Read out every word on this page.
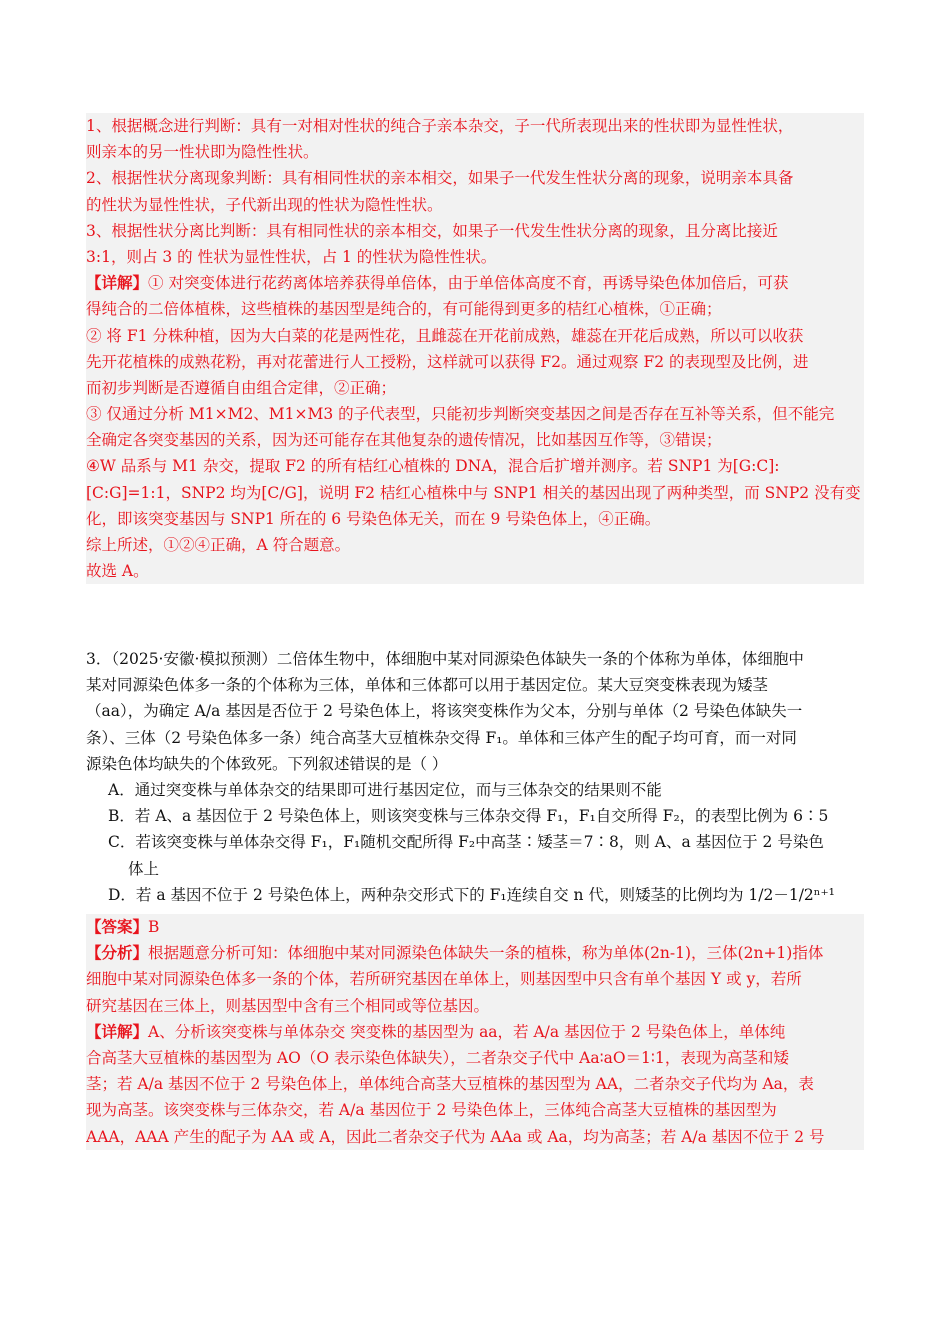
1、根据概念进行判断：具有一对相对性状的纯合子亲本杂交，子一代所表现出来的性状即为显性性状，
则亲本的另一性状即为隐性性状。
2、根据性状分离现象判断：具有相同性状的亲本相交，如果子一代发生性状分离的现象，说明亲本具备
的性状为显性性状，子代新出现的性状为隐性性状。
3、根据性状分离比判断：具有相同性状的亲本相交，如果子一代发生性状分离的现象，且分离比接近
3:1，则占 3 的 性状为显性性状，占 1 的性状为隐性性状。
【详解】① 对突变体进行花药离体培养获得单倍体，由于单倍体高度不育，再诱导染色体加倍后，可获
得纯合的二倍体植株，这些植株的基因型是纯合的，有可能得到更多的桔红心植株，①正确；
② 将 F1 分株种植，因为大白菜的花是两性花，且雌蕊在开花前成熟，雄蕊在开花后成熟，所以可以收获
先开花植株的成熟花粉，再对花蕾进行人工授粉，这样就可以获得 F2。通过观察 F2 的表现型及比例，进
而初步判断是否遵循自由组合定律，②正确；
③ 仅通过分析 M1×M2、M1×M3 的子代表型，只能初步判断突变基因之间是否存在互补等关系，但不能完
全确定各突变基因的关系，因为还可能存在其他复杂的遗传情况，比如基因互作等，③错误；
④W 品系与 M1 杂交，提取 F2 的所有桔红心植株的 DNA，混合后扩增并测序。若 SNP1 为[G:C]:
[C:G]=1:1，SNP2 均为[C/G]，说明 F2 桔红心植株中与 SNP1 相关的基因出现了两种类型，而 SNP2 没有变
化，即该突变基因与 SNP1 所在的 6 号染色体无关，而在 9 号染色体上，④正确。
综上所述，①②④正确，A 符合题意。
故选 A。
3．（2025·安徽·模拟预测）二倍体生物中，体细胞中某对同源染色体缺失一条的个体称为单体，体细胞中
某对同源染色体多一条的个体称为三体，单体和三体都可以用于基因定位。某大豆突变株表现为矮茎
（aa），为确定 A/a 基因是否位于 2 号染色体上，将该突变株作为父本，分别与单体（2 号染色体缺失一
条）、三体（2 号染色体多一条）纯合高茎大豆植株杂交得 F₁。单体和三体产生的配子均可育，而一对同
源染色体均缺失的个体致死。下列叙述错误的是（ ）
A．通过突变株与单体杂交的结果即可进行基因定位，而与三体杂交的结果则不能
B．若 A、a 基因位于 2 号染色体上，则该突变株与三体杂交得 F₁，F₁自交所得 F₂，的表型比例为 6∶5
C．若该突变株与单体杂交得 F₁，F₁随机交配所得 F₂中高茎∶矮茎＝7∶8，则 A、a 基因位于 2 号染色
体上
D．若 a 基因不位于 2 号染色体上，两种杂交形式下的 F₁连续自交 n 代，则矮茎的比例均为 1/2－1/2ⁿ⁺¹
【答案】B
【分析】根据题意分析可知：体细胞中某对同源染色体缺失一条的植株，称为单体(2n-1)，三体(2n+1)指体
细胞中某对同源染色体多一条的个体，若所研究基因在单体上，则基因型中只含有单个基因 Y 或 y，若所
研究基因在三体上，则基因型中含有三个相同或等位基因。
【详解】A、分析该突变株与单体杂交 突变株的基因型为 aa，若 A/a 基因位于 2 号染色体上，单体纯
合高茎大豆植株的基因型为 AO（O 表示染色体缺失），二者杂交子代中 Aa∶aO＝1∶1，表现为高茎和矮
茎；若 A/a 基因不位于 2 号染色体上，单体纯合高茎大豆植株的基因型为 AA，二者杂交子代均为 Aa，表
现为高茎。该突变株与三体杂交，若 A/a 基因位于 2 号染色体上，三体纯合高茎大豆植株的基因型为
AAA，AAA 产生的配子为 AA 或 A，因此二者杂交子代为 AAa 或 Aa，均为高茎；若 A/a 基因不位于 2 号
